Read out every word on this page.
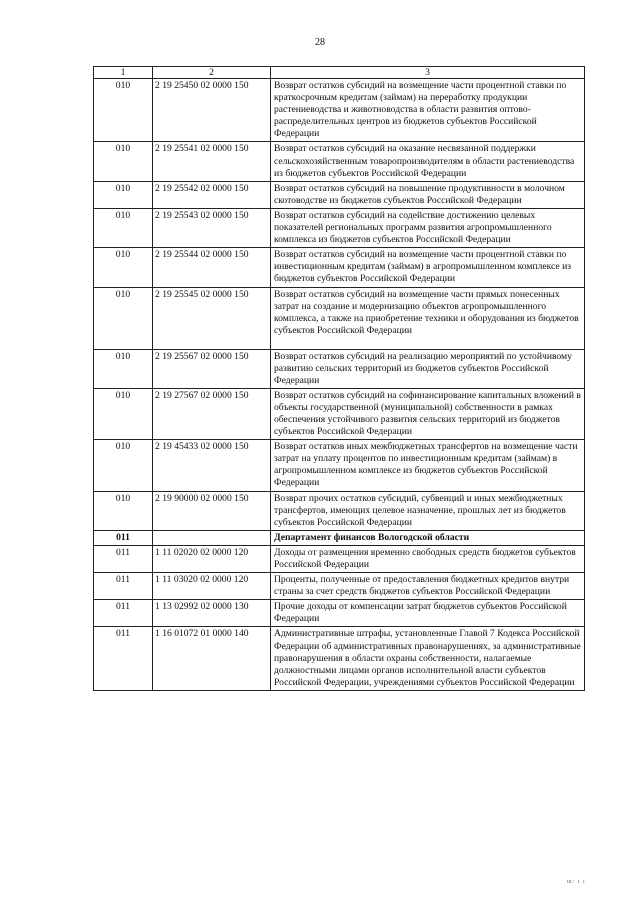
28
1	2	3
010	2 19 25450 02 0000 150	Возврат остатков субсидий на возмещение части процентной ставки по краткосрочным кредитам (займам) на переработку продукции растениеводства и животноводства в области развития оптово-распределительных центров из бюджетов субъектов Российской Федерации
010	2 19 25541 02 0000 150	Возврат остатков субсидий на оказание несвязанной поддержки сельскохозяйственным товаропроизводителям в области растениеводства из бюджетов субъектов Российской Федерации
010	2 19 25542 02 0000 150	Возврат остатков субсидий на повышение продуктивности в молочном скотоводстве из бюджетов субъектов Российской Федерации
010	2 19 25543 02 0000 150	Возврат остатков субсидий на содействие достижению целевых показателей региональных программ развития агропромышленного комплекса из бюджетов субъектов Российской Федерации
010	2 19 25544 02 0000 150	Возврат остатков субсидий на возмещение части процентной ставки по инвестиционным кредитам (займам) в агропромышленном комплексе из бюджетов субъектов Российской Федерации
010	2 19 25545 02 0000 150	Возврат остатков субсидий на возмещение части прямых понесенных затрат на создание и модернизацию объектов агропромышленного комплекса, а также на приобретение техники и оборудования из бюджетов субъектов Российской Федерации
010	2 19 25567 02 0000 150	Возврат остатков субсидий на реализацию мероприятий по устойчивому развитию сельских территорий из бюджетов субъектов Российской Федерации
010	2 19 27567 02 0000 150	Возврат остатков субсидий на софинансирование капитальных вложений в объекты государственной (муниципальной) собственности в рамках обеспечения устойчивого развития сельских территорий из бюджетов субъектов Российской Федерации
010	2 19 45433 02 0000 150	Возврат остатков иных межбюджетных трансфертов на возмещение части затрат на уплату процентов по инвестиционным кредитам (займам) в агропромышленном комплексе из бюджетов субъектов Российской Федерации
010	2 19 90000 02 0000 150	Возврат прочих остатков субсидий, субвенций и иных межбюджетных трансфертов, имеющих целевое назначение, прошлых лет из бюджетов субъектов Российской Федерации
011		Департамент финансов Вологодской области
011	1 11 02020 02 0000 120	Доходы от размещения временно свободных средств бюджетов субъектов Российской Федерации
011	1 11 03020 02 0000 120	Проценты, полученные от предоставления бюджетных кредитов внутри страны за счет средств бюджетов субъектов Российской Федерации
011	1 13 02992 02 0000 130	Прочие доходы от компенсации затрат бюджетов субъектов Российской Федерации
011	1 16 01072 01 0000 140	Административные штрафы, установленные Главой 7 Кодекса Российской Федерации об административных правонарушениях, за административные правонарушения в области охраны собственности, налагаемые должностными лицами органов исполнительной власти субъектов Российской Федерации, учреждениями субъектов Российской Федерации
ш: ı ı
